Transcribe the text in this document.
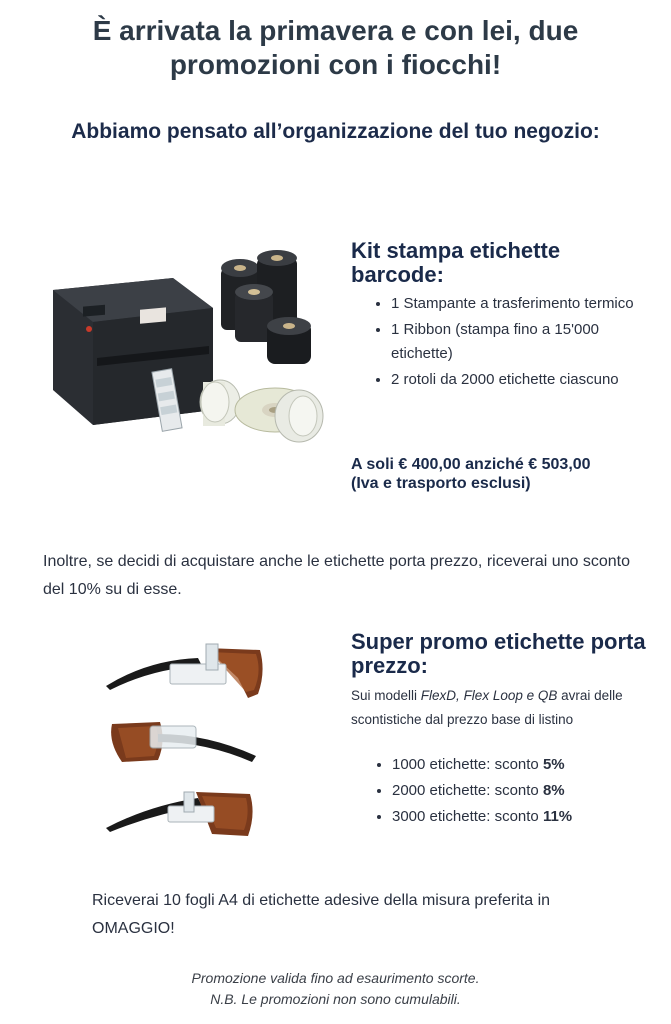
È arrivata la primavera e con lei, due promozioni con i fiocchi!
Abbiamo pensato all’organizzazione del tuo negozio:
Kit stampa etichette barcode:
• 1 Stampante a trasferimento termico
• 1 Ribbon (stampa fino a 15'000 etichette)
• 2 rotoli da 2000 etichette ciascuno
A soli € 400,00 anziché € 503,00
(Iva e trasporto esclusi)
Inoltre, se decidi di acquistare anche le etichette porta prezzo, riceverai uno sconto del 10% su di esse.
Super promo etichette porta prezzo:
Sui modelli FlexD, Flex Loop e QB avrai delle scontistiche dal prezzo base di listino
• 1000 etichette: sconto 5%
• 2000 etichette: sconto 8%
• 3000 etichette: sconto 11%
Riceverai 10 fogli A4 di etichette adesive della misura preferita in OMAGGIO!
Promozione valida fino ad esaurimento scorte.
N.B. Le promozioni non sono cumulabili.
